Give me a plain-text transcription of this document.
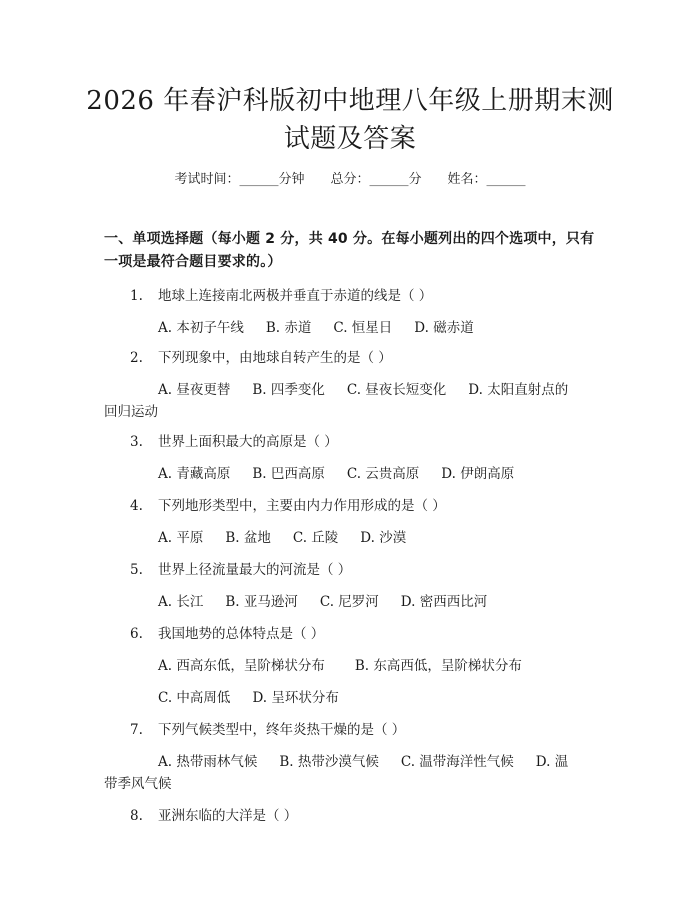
2026 年春沪科版初中地理八年级上册期末测
试题及答案
考试时间：______分钟 总分：______分 姓名：______
一、单项选择题（每小题 2 分，共 40 分。在每小题列出的四个选项中，只有一项是最符合题目要求的。）
1. 地球上连接南北两极并垂直于赤道的线是（ ）
A. 本初子午线 B. 赤道 C. 恒星日 D. 磁赤道
2. 下列现象中，由地球自转产生的是（ ）
A. 昼夜更替 B. 四季变化 C. 昼夜长短变化 D. 太阳直射点的
回归运动
3. 世界上面积最大的高原是（ ）
A. 青藏高原 B. 巴西高原 C. 云贵高原 D. 伊朗高原
4. 下列地形类型中，主要由内力作用形成的是（ ）
A. 平原 B. 盆地 C. 丘陵 D. 沙漠
5. 世界上径流量最大的河流是（ ）
A. 长江 B. 亚马逊河 C. 尼罗河 D. 密西西比河
6. 我国地势的总体特点是（ ）
A. 西高东低，呈阶梯状分布 B. 东高西低，呈阶梯状分布
C. 中高周低 D. 呈环状分布
7. 下列气候类型中，终年炎热干燥的是（ ）
A. 热带雨林气候 B. 热带沙漠气候 C. 温带海洋性气候 D. 温
带季风气候
8. 亚洲东临的大洋是（ ）
